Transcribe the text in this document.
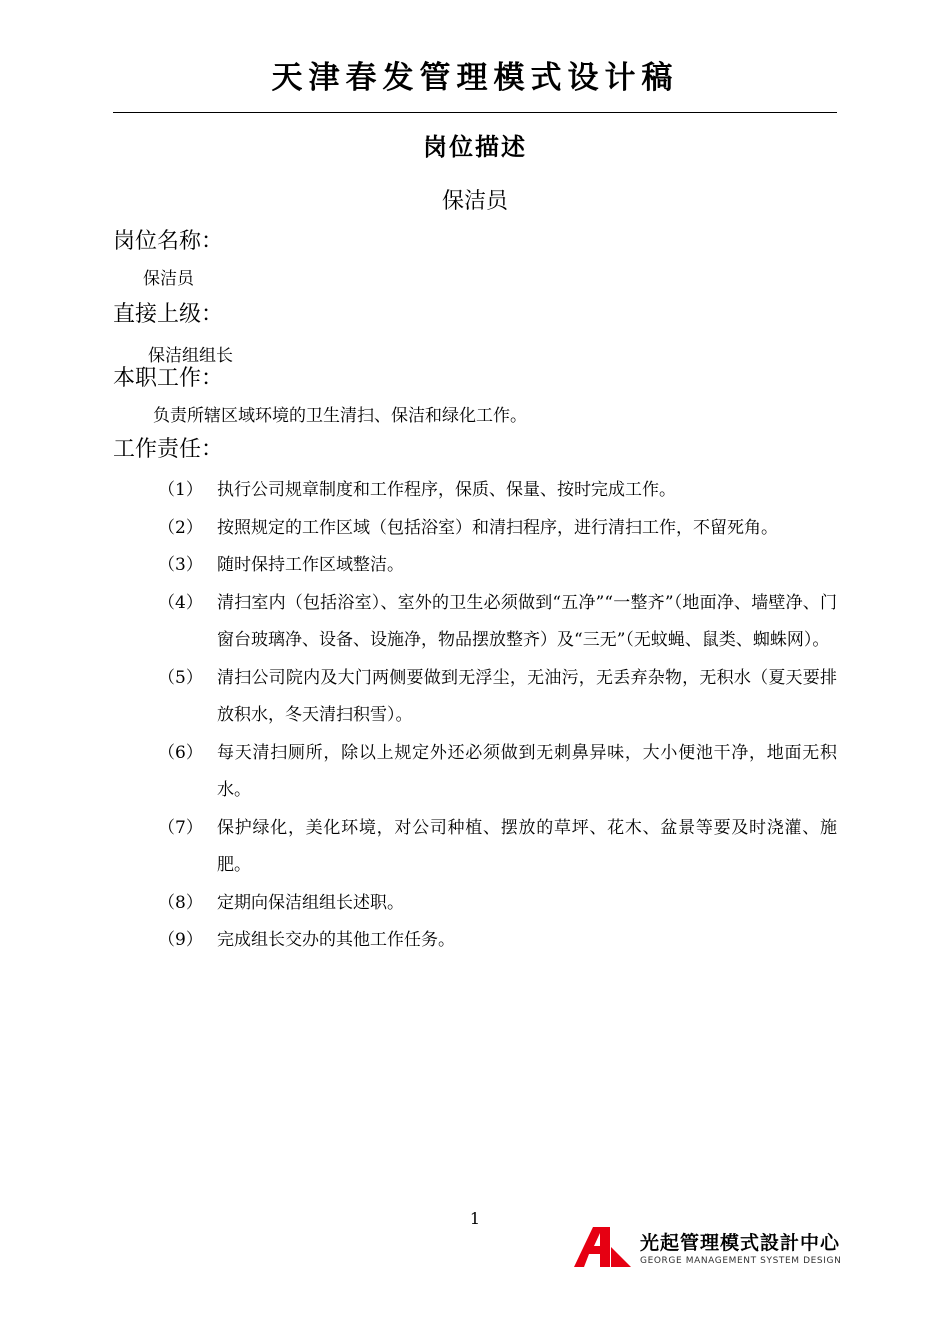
天津春发管理模式设计稿
岗位描述
保洁员
岗位名称：
保洁员
直接上级：
保洁组组长
本职工作：
负责所辖区域环境的卫生清扫、保洁和绿化工作。
工作责任：
（1） 执行公司规章制度和工作程序，保质、保量、按时完成工作。
（2） 按照规定的工作区域（包括浴室）和清扫程序，进行清扫工作，不留死角。
（3） 随时保持工作区域整洁。
（4） 清扫室内（包括浴室）、室外的卫生必须做到“五净”“一整齐”（地面净、墙壁净、门窗台玻璃净、设备、设施净，物品摆放整齐）及“三无”（无蚊蝇、鼠类、蜘蛛网）。
（5） 清扫公司院内及大门两侧要做到无浮尘，无油污，无丢弃杂物，无积水（夏天要排放积水，冬天清扫积雪）。
（6） 每天清扫厕所，除以上规定外还必须做到无刺鼻异味，大小便池干净，地面无积水。
（7） 保护绿化，美化环境，对公司种植、摆放的草坪、花木、盆景等要及时浇灌、施肥。
（8） 定期向保洁组组长述职。
（9） 完成组长交办的其他工作任务。
1
光起管理模式設計中心
GEORGE MANAGEMENT SYSTEM DESIGN
